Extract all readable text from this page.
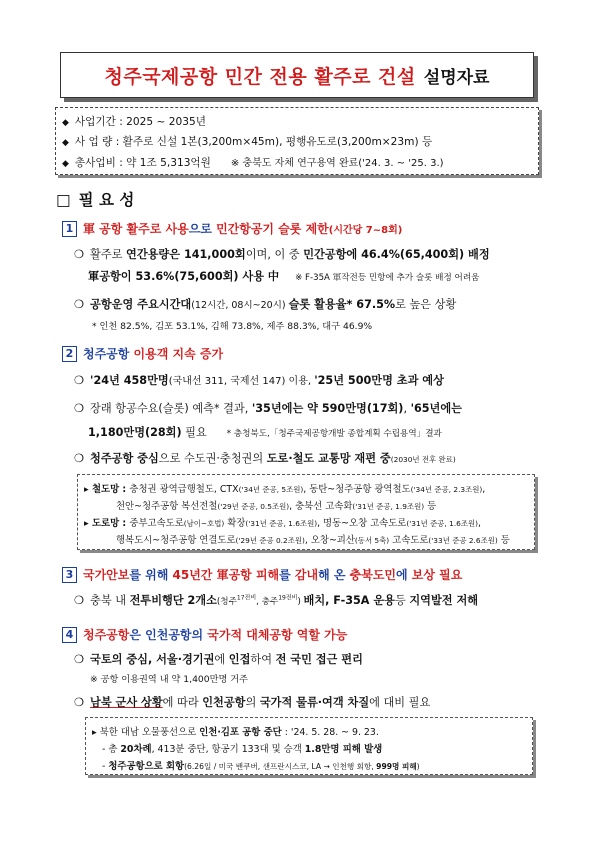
청주국제공항 민간 전용 활주로 건설 설명자료
◆ 사업기간 : 2025 ~ 2035년
◆ 사 업 량 : 활주로 신설 1본(3,200m×45m), 평행유도로(3,200m×23m) 등
◆ 총사업비 : 약 1조 5,313억원 ※ 충북도 자체 연구용역 완료('24. 3. ~ '25. 3.)
□ 필 요 성
1 軍 공항 활주로 사용으로 민간항공기 슬롯 제한(시간당 7~8회)
❍ 활주로 연간용량은 141,000회이며, 이 중 민간공항에 46.4%(65,400회) 배정
軍공항이 53.6%(75,600회) 사용 中 ※ F-35A 軍작전등 민항에 추가 슬롯 배정 어려움
❍ 공항운영 주요시간대(12시간, 08시~20시) 슬롯 활용율* 67.5%로 높은 상황
* 인천 82.5%, 김포 53.1%, 김해 73.8%, 제주 88.3%, 대구 46.9%
2 청주공항 이용객 지속 증가
❍ '24년 458만명(국내선 311, 국제선 147) 이용, '25년 500만명 초과 예상
❍ 장래 항공수요(슬롯) 예측* 결과, '35년에는 약 590만명(17회), '65년에는
1,180만명(28회) 필요 * 충청북도,「청주국제공항개발 종합계획 수립용역」결과
❍ 청주공항 중심으로 수도권·충청권의 도로·철도 교통망 재편 중(2030년 전후 완료)
▸ 철도망 : 충청권 광역급행철도, CTX('34년 준공, 5조원), 동탄~청주공항 광역철도('34년 준공, 2.3조원),
천안~청주공항 복선전철('29년 준공, 0.5조원), 충북선 고속화('31년 준공, 1.9조원) 등
▸ 도로망 : 중부고속도로(남이~호법) 확장('31년 준공, 1.6조원), 명동~오창 고속도로('31년 준공, 1.6조원),
행복도시~청주공항 연결도로('29년 준공 0.2조원), 오창~괴산(동서 5축) 고속도로('33년 준공 2.6조원) 등
3 국가안보를 위해 45년간 軍공항 피해를 감내해 온 충북도민에 보상 필요
❍ 충북 내 전투비행단 2개소(청주$^{17전비}$, 충주$^{19전비}$) 배치, F-35A 운용등 지역발전 저해
4 청주공항은 인천공항의 국가적 대체공항 역할 가능
❍ 국토의 중심, 서울·경기권에 인접하여 전 국민 접근 편리
※ 공항 이용권역 내 약 1,400만명 거주
❍ 남북 군사 상황에 따라 인천공항의 국가적 물류·여객 차질에 대비 필요
▸ 북한 대남 오물풍선으로 인천·김포 공항 중단 : '24. 5. 28. ~ 9. 23.
- 총 20차례, 413분 중단, 항공기 133대 및 승객 1.8만명 피해 발생
- 청주공항으로 회항(6.26일 / 미국 밴쿠버, 샌프란시스코, LA → 인천행 회항, 999명 피해)
